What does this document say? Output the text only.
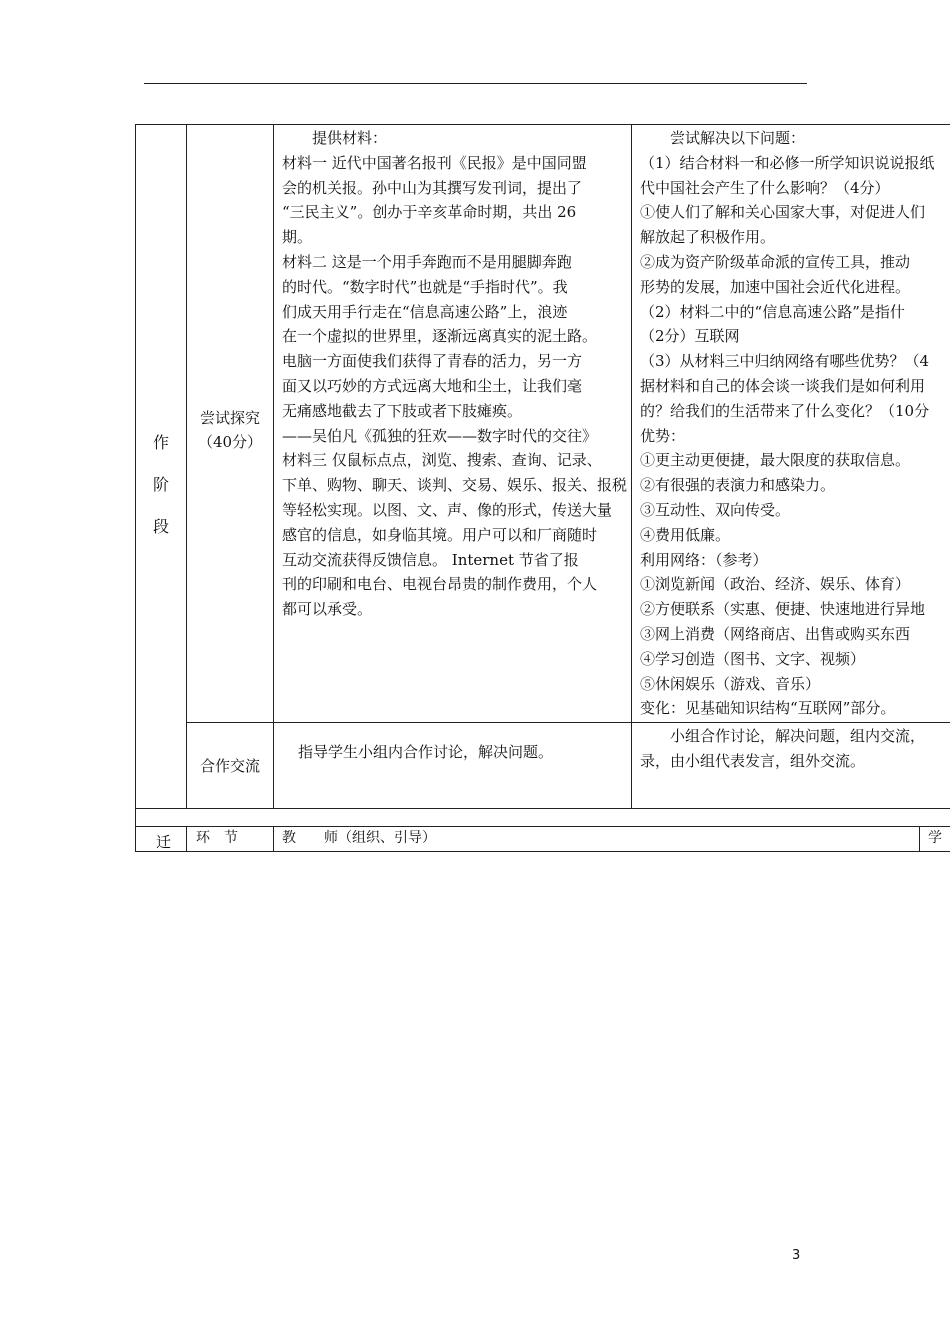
作
阶
段
尝试探究
（40分）
提供材料：
材料一 近代中国著名报刊《民报》是中国同盟
会的机关报。孙中山为其撰写发刊词，提出了
“三民主义”。创办于辛亥革命时期，共出 26
期。
材料二 这是一个用手奔跑而不是用腿脚奔跑
的时代。“数字时代”也就是“手指时代”。我
们成天用手行走在“信息高速公路”上，浪迹
在一个虚拟的世界里，逐渐远离真实的泥土路。
电脑一方面使我们获得了青春的活力，另一方
面又以巧妙的方式远离大地和尘土，让我们毫
无痛感地截去了下肢或者下肢瘫痪。
——吴伯凡《孤独的狂欢——数字时代的交往》
材料三 仅鼠标点点，浏览、搜索、查询、记录、
下单、购物、聊天、谈判、交易、娱乐、报关、报税
等轻松实现。以图、文、声、像的形式，传送大量
感官的信息，如身临其境。用户可以和厂商随时
互动交流获得反馈信息。 Internet 节省了报
刊的印刷和电台、电视台昂贵的制作费用，个人
都可以承受。
尝试解决以下问题：
（1）结合材料一和必修一所学知识说说报纸
代中国社会产生了什么影响？（4分）
①使人们了解和关心国家大事，对促进人们
解放起了积极作用。
②成为资产阶级革命派的宣传工具，推动
形势的发展，加速中国社会近代化进程。
（2）材料二中的“信息高速公路”是指什
（2分）互联网
（3）从材料三中归纳网络有哪些优势？（4
据材料和自己的体会谈一谈我们是如何利用
的？给我们的生活带来了什么变化？（10分
优势：
①更主动更便捷，最大限度的获取信息。
②有很强的表演力和感染力。
③互动性、双向传受。
④费用低廉。
利用网络：（参考）
①浏览新闻（政治、经济、娱乐、体育）
②方便联系（实惠、便捷、快速地进行异地
③网上消费（网络商店、出售或购买东西
④学习创造（图书、文字、视频）
⑤休闲娱乐（游戏、音乐）
变化：见基础知识结构“互联网”部分。
合作交流
指导学生小组内合作讨论，解决问题。
小组合作讨论，解决问题，组内交流，
录，由小组代表发言，组外交流。
迁 环　节	教　　师（组织、引导）	学
3
